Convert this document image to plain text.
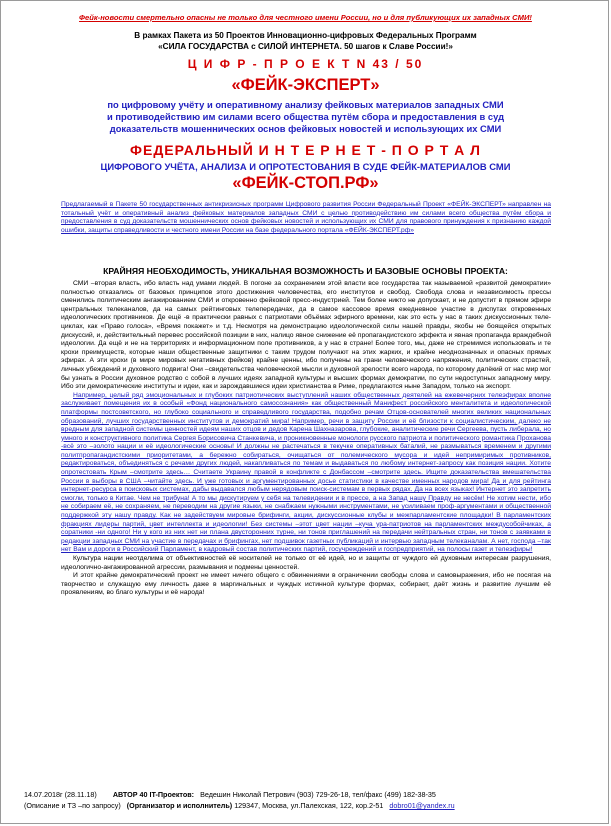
Фейк-новости смертельно опасны не только для честного имени России, но и для публикующих их западных СМИ!
В рамках Пакета из 50 Проектов Инновационно-цифровых Федеральных Программ
«СИЛА ГОСУДАРСТВА с СИЛОЙ ИНТЕРНЕТА. 50 шагов к Славе России!»
Ц И Ф Р - П Р О Е К Т N 43 / 50
«ФЕЙК-ЭКСПЕРТ»
по цифровому учёту и оперативному анализу фейковых материалов западных СМИ
и противодействию им силами всего общества путём сбора и предоставления в суд
доказательств мошеннических основ фейковых новостей и использующих их СМИ
ФЕДЕРАЛЬНЫЙ И Н Т Е Р Н Е Т - П О Р Т А Л
ЦИФРОВОГО УЧЁТА, АНАЛИЗА И ОПРОТЕСТОВАНИЯ В СУДЕ ФЕЙК-МАТЕРИАЛОВ СМИ
«ФЕЙК-СТОП.РФ»
Предлагаемый в Пакете 50 государственных антикризисных программ Цифрового развития России Федеральный Проект «ФЕЙК-ЭКСПЕРТ» направлен на тотальный учёт и оперативный анализ фейковых материалов западных СМИ с целью противодействию им силами всего общества путём сбора и предоставления в суд доказательств мошеннических основ фейковых новостей и использующих их СМИ для правового принуждения к признанию каждой ошибки, защиты справедливости и честного имени России на базе федерального портала «ФЕЙК-ЭКСПЕРТ.рф»
КРАЙНЯЯ НЕОБХОДИМОСТЬ, УНИКАЛЬНАЯ ВОЗМОЖНОСТЬ И БАЗОВЫЕ ОСНОВЫ ПРОЕКТА:

СМИ –вторая власть, ибо власть над умами людей. В погоне за сохранением этой власти все государства так называемой «развитой демократии» полностью отказались от базовых принципов этого достижения человечества, его институтов и свобод. Свобода слова и независимость прессы сменились политическим ангажированием СМИ и откровенно фейковой пресс-индустрией. Тем более никто не допускает, и не допустит в прямом эфире центральных телеканалов, да на самых рейтинговых телепередачах, да в самое кассовое время ежедневное участие в диспутах откровенных идеологических противников. Де ещё -в практически равных с патриотами объёмах эфирного времени, как это есть у нас в таких дискуссионных теле-циклах, как «Право голоса», «Время покажет» и т.д. Несмотря на демонстрацию идеологической силы нашей правды, якобы не боящейся открытых дискуссий, и, действительный перевес российской позиции в них, налицо явное снижение её пропагандистского эффекта и явная пропаганда враждебной идеологии. Да ещё и не на территориях и информационном поле противников, а у нас в стране! Более того, мы, даже не стремимся использовать и те крохи преимуществ, которые наши общественные защитники с таким трудом получают на этих жарких, и крайне неоднозначных и опасных прямых эфирах. А эти крохи (в мире мировых негативных фейков) крайне ценны, ибо получены на грани человеческого напряжения, политических страстей, личных убеждений и духовного подвига! Они –свидетельства человеческой мысли и духовной зрелости всего народа, по которому далёкий от нас мир мог бы узнать в России духовное родство с собой в лучших идеях западной культуры и высших формах демократии, по сути недоступных западному миру. Ибо эти демократические институты и идеи, как и зарождавшиеся идеи христианства в Риме, предлагаются ныне Западом, только на экспорт.

Например, целый ряд эмоциональных и глубоких патриотических выступлений наших общественных деятелей на ежевечерних телеэфирах вполне заслуживает помещения их в особый «Фонд национального самосознания» как общественный Манифест российского менталитета и идеологической платформы постсоветского, но глубоко социального и справедливого государства, подобно речам Отцов-основателей многих великих национальных образований, лучших государственных институтов и демократий мира! Например, речи в защиту России и её близости к социалистическим, далеко не вредным для западной системы ценностей идеям наших отцов и дедов Карена Шахназарова, глубокие, аналитические речи Сергеева, пусть либерала, но умного и конструктивного политика Сергея Борисовича Станкевича, и проникновенные монологи русского патриота и политического романтика Проханова -всё это –золото нации и её идеологические основы! И должны не растечаться в текучке оперативных баталий, не размываться временем и другими политпропагандистскими приоритетами, а бережно собираться, очищаться от полемического мусора и идей непримиримых противников, редактироваться, объединяться с речами других людей, накапливаться по темам и выдаваться по любому интернет-запросу как позиция нации. Хотите опротестовать Крым –смотрите здесь… Считаете Украину правой в конфликте с Донбассом –смотрите здесь. Ищите доказательства вмешательства России в выборы в США –читайте здесь. И уже готовых и аргументированных досье статистики в качестве именных народов мира! Да и для рейтинга интернет-ресурса в поисковых системах, дабы выдавался любым нерядовым поиск-системам в первых рядах. Да на всех языках! Интернет это запретить смогли, только в Китае. Чем не трибуна! А то мы дискутируем у себя на телевидении и в прессе, а на Запад нашу Правду не несём! Не хотим нести, ибо не собираем её, не сохраняем, не переводим на другие языки, не снабжаем нужными инструментами, не усиливаем проф-аргументами и общественной поддержкой эту нашу правду. Как не задействуем мировые брифинги, акции, дискуссионные клубы и межпарламентские площадки! В парламентских фракциях лидеры партий, цвет интеллекта и идеологии! Без системы –этот цвет нации –куча ура-патриотов на парламентских междусобойчиках, а соратники -ни одного! Ни у кого из них нет ни плана двусторонних турне, ни тонов приглашений на передачи нейтральных стран, ни тонов с заявками в редакции западных СМИ на участие в передачах и брифингах, нет подшивок газетных публикаций и интервью западным телеканалам. А нет, господа –так нет Вам и дороги в Российский Парламент, в кадровый состав политических партий, госучреждений и госпредприятий, на полосы газет и телеэфиры!

Культура нации неотделима от объективностей её носителей не только от её идей, но и защиты от чуждого ей духовным интересам разрушения, идеологично-ангажированной агрессии, размывания и подмены ценностей.

И этот крайне демократический проект не имеет ничего общего с обвинениями в ограничении свободы слова и самовыражения, ибо не посягая на творчество и служащую ему личность даже в маргинальных и чуждых истинной культуре формах, собирает, даёт жизнь и развитие лучшим её проявлениям, во благо культуры и её народа!

14.07.2018г (28.11.18) АВТОР 40 IT-Проектов: Ведешин Николай Петрович (903) 729-26-18, тел/факс (499) 182-38-35
(Описание и ТЗ –по запросу) (Организатор и исполнитель) 129347, Москва, ул.Палехская, 122, кор.2-51 dobro01@yandex.ru
